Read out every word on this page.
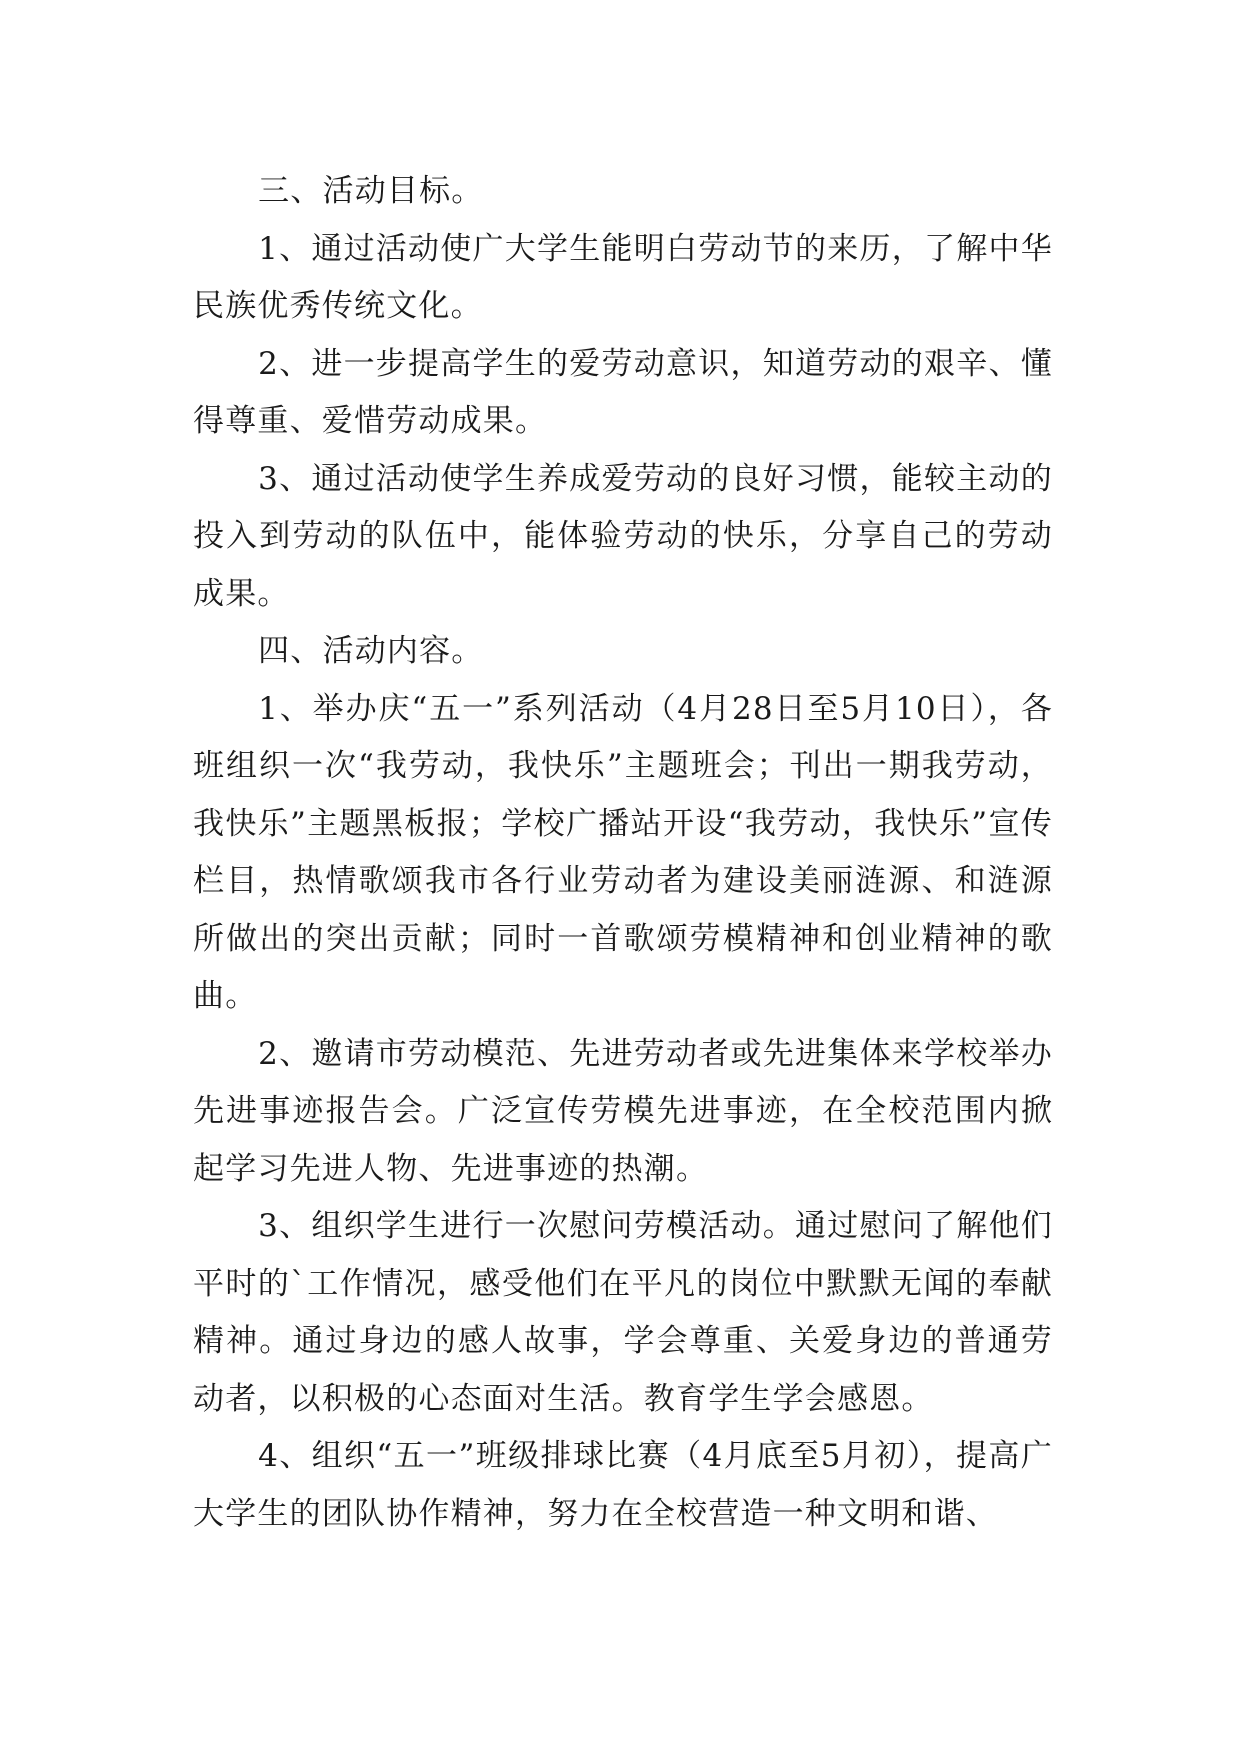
三、活动目标。

1、通过活动使广大学生能明白劳动节的来历，了解中华民族优秀传统文化。

2、进一步提高学生的爱劳动意识，知道劳动的艰辛、懂得尊重、爱惜劳动成果。

3、通过活动使学生养成爱劳动的良好习惯，能较主动的投入到劳动的队伍中，能体验劳动的快乐，分享自己的劳动成果。

四、活动内容。

1、举办庆“五一”系列活动（4月28日至5月10日），各班组织一次“我劳动，我快乐”主题班会；刊出一期我劳动，我快乐”主题黑板报；学校广播站开设“我劳动，我快乐”宣传栏目，热情歌颂我市各行业劳动者为建设美丽涟源、和涟源所做出的突出贡献；同时一首歌颂劳模精神和创业精神的歌曲。

2、邀请市劳动模范、先进劳动者或先进集体来学校举办先进事迹报告会。广泛宣传劳模先进事迹，在全校范围内掀起学习先进人物、先进事迹的热潮。

3、组织学生进行一次慰问劳模活动。通过慰问了解他们平时的`工作情况，感受他们在平凡的岗位中默默无闻的奉献精神。通过身边的感人故事，学会尊重、关爱身边的普通劳动者，以积极的心态面对生活。教育学生学会感恩。

4、组织“五一”班级排球比赛（4月底至5月初），提高广大学生的团队协作精神，努力在全校营造一种文明和谐、
